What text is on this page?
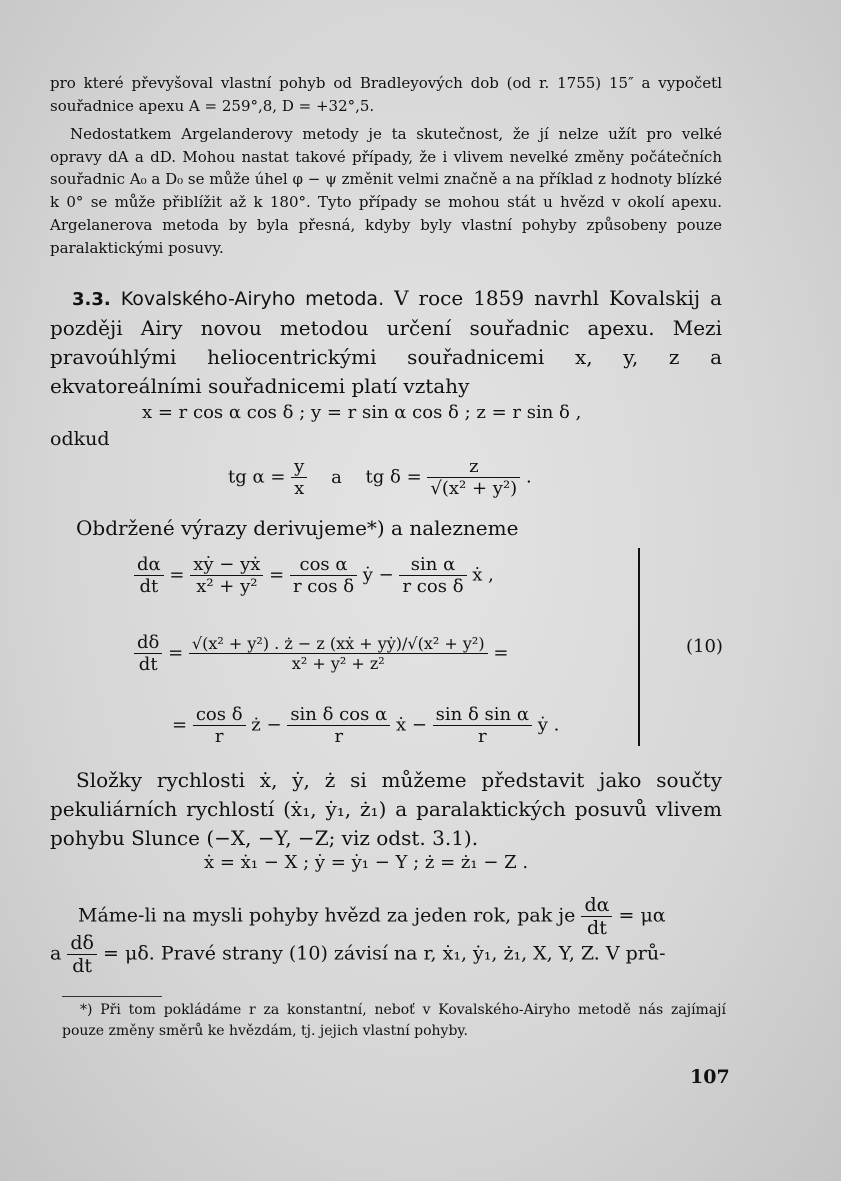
pro které převyšoval vlastní pohyb od Bradleyových dob (od r. 1755) 15″ a vypočetl souřadnice apexu A = 259°,8, D = +32°,5.

Nedostatkem Argelanderovy metody je ta skutečnost, že jí nelze užít pro velké opravy dA a dD. Mohou nastat takové případy, že i vlivem nevelké změny počátečních souřadnic A₀ a D₀ se může úhel φ − ψ změnit velmi značně a na příklad z hodnoty blízké k 0° se může přiblížit až k 180°. Tyto případy se mohou stát u hvězd v okolí apexu. Argelanerova metoda by byla přesná, kdyby byly vlastní pohyby způsobeny pouze paralaktickými posuvy.

3.3. Kovalského-Airyho metoda. V roce 1859 navrhl Kovalskij a později Airy novou metodou určení souřadnic apexu. Mezi pravoúhlými heliocentrickými souřadnicemi x, y, z a ekvatoreálními souřadnicemi platí vztahy

x = r cos α cos δ ; y = r sin α cos δ ; z = r sin δ ,
odkud
tg $\alpha = \frac{y}{x}$ a tg $\delta = \frac{z}{\text{√(x² + y²)}}$ .

Obdržené výrazy derivujeme*) a nalezneme

$\frac{d\alpha}{dt} = \frac{\text{xẏ − yẋ}}{\text{x² + y²}} = \frac{\text{cos α}}{\text{r cos δ}}$ ẏ − $\frac{\text{sin α}}{\text{r cos δ}}$ ẋ ,
$\frac{d\delta}{dt} = \frac{\text{√(x² + y²) . ż − z (xẋ + yẏ)/√(x² + y²)}}{\text{x² + y² + z²}}$ =
= $\frac{\text{cos δ}}{r}$ ż − $\frac{\text{sin δ cos α}}{r}$ ẋ − $\frac{\text{sin δ sin α}}{r}$ ẏ .
(10)

Složky rychlosti ẋ, ẏ, ż si můžeme představit jako součty pekuliárních rychlostí (ẋ₁, ẏ₁, ż₁) a paralaktických posuvů vlivem pohybu Slunce (−X, −Y, −Z; viz odst. 3.1).

ẋ = ẋ₁ − X ; ẏ = ẏ₁ − Y ; ż = ż₁ − Z .
Máme-li na mysli pohyby hvězd za jeden rok, pak je $\frac{d\alpha}{dt} = \mu\alpha$
a $\frac{d\delta}{dt} = \mu\delta$. Pravé strany (10) závisí na r, ẋ₁, ẏ₁, ż₁, X, Y, Z. V prů-

*) Při tom pokládáme r za konstantní, neboť v Kovalského-Airyho metodě nás zajímají pouze změny směrů ke hvězdám, tj. jejich vlastní pohyby.

107
